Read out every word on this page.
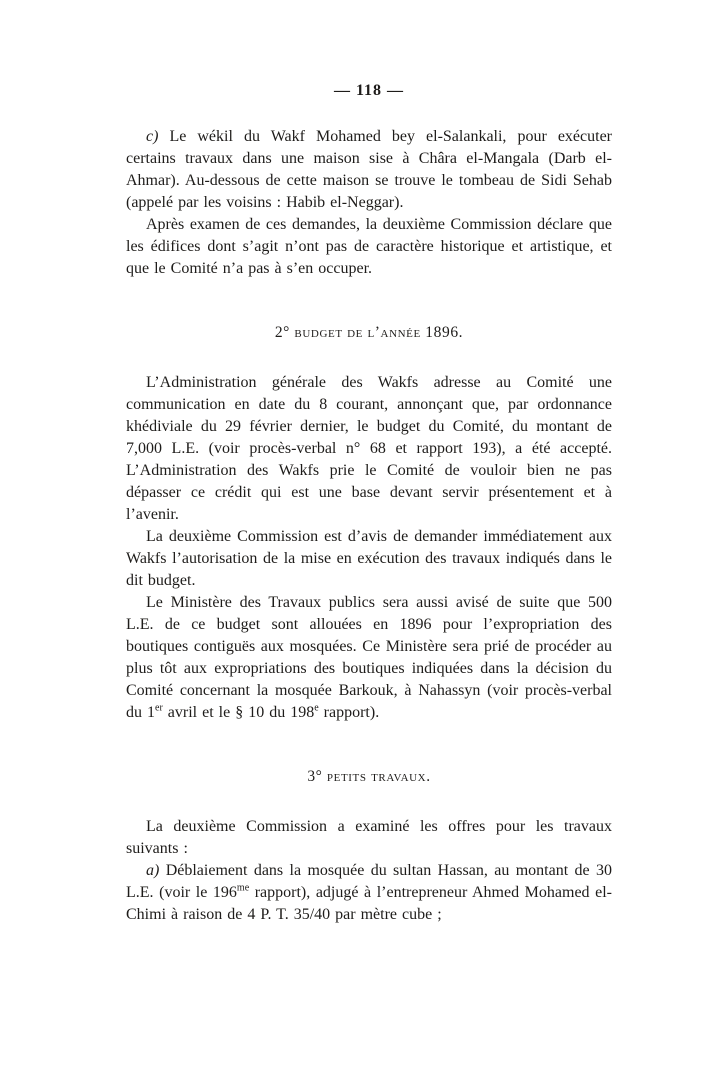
— 118 —

c) Le wékil du Wakf Mohamed bey el-Salankali, pour exécuter certains travaux dans une maison sise à Châra el-Mangala (Darb el-Ahmar). Au-dessous de cette maison se trouve le tombeau de Sidi Sehab (appelé par les voisins : Habib el-Neggar).

Après examen de ces demandes, la deuxième Commission déclare que les édifices dont s’agit n’ont pas de caractère historique et artistique, et que le Comité n’a pas à s’en occuper.

2° budget de l’année 1896.

L’Administration générale des Wakfs adresse au Comité une communication en date du 8 courant, annonçant que, par ordonnance khédiviale du 29 février dernier, le budget du Comité, du montant de 7,000 L.E. (voir procès-verbal n° 68 et rapport 193), a été accepté. L’Administration des Wakfs prie le Comité de vouloir bien ne pas dépasser ce crédit qui est une base devant servir présentement et à l’avenir.

La deuxième Commission est d’avis de demander immédiatement aux Wakfs l’autorisation de la mise en exécution des travaux indiqués dans le dit budget.

Le Ministère des Travaux publics sera aussi avisé de suite que 500 L.E. de ce budget sont allouées en 1896 pour l’expropriation des boutiques contiguës aux mosquées. Ce Ministère sera prié de procéder au plus tôt aux expropriations des boutiques indiquées dans la décision du Comité concernant la mosquée Barkouk, à Nahassyn (voir procès-verbal du 1er avril et le § 10 du 198e rapport).

3° petits travaux.

La deuxième Commission a examiné les offres pour les travaux suivants :

a) Déblaiement dans la mosquée du sultan Hassan, au montant de 30 L.E. (voir le $196^{me}$ rapport), adjugé à l’entrepreneur Ahmed Mohamed el-Chimi à raison de 4 P. T. 35/40 par mètre cube ;
